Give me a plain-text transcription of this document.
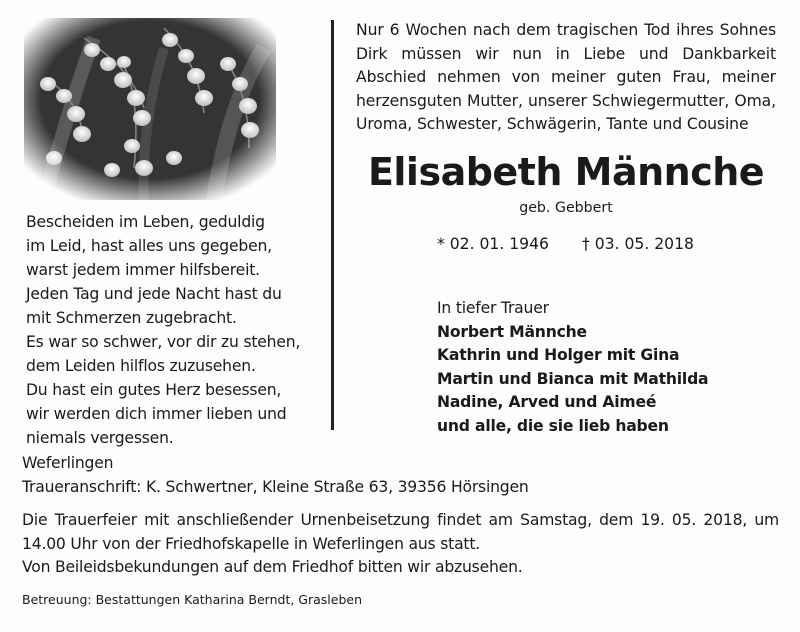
Bescheiden im Leben, geduldig
im Leid, hast alles uns gegeben,
warst jedem immer hilfsbereit.
Jeden Tag und jede Nacht hast du
mit Schmerzen zugebracht.
Es war so schwer, vor dir zu stehen,
dem Leiden hilflos zuzusehen.
Du hast ein gutes Herz besessen,
wir werden dich immer lieben und
niemals vergessen.
Nur 6 Wochen nach dem tragischen Tod ihres Sohnes
Dirk müssen wir nun in Liebe und Dankbarkeit
Abschied nehmen von meiner guten Frau, meiner
herzensguten Mutter, unserer Schwiegermutter, Oma,
Uroma, Schwester, Schwägerin, Tante und Cousine
Elisabeth Männche
geb. Gebbert
* 02. 01. 1946 † 03. 05. 2018
In tiefer Trauer
Norbert Männche
Kathrin und Holger mit Gina
Martin und Bianca mit Mathilda
Nadine, Arved und Aimeé
und alle, die sie lieb haben
Weferlingen
Traueranschrift: K. Schwertner, Kleine Straße 63, 39356 Hörsingen
Die Trauerfeier mit anschließender Urnenbeisetzung findet am Samstag, dem 19. 05. 2018, um
14.00 Uhr von der Friedhofskapelle in Weferlingen aus statt.
Von Beileidsbekundungen auf dem Friedhof bitten wir abzusehen.
Betreuung: Bestattungen Katharina Berndt, Grasleben
